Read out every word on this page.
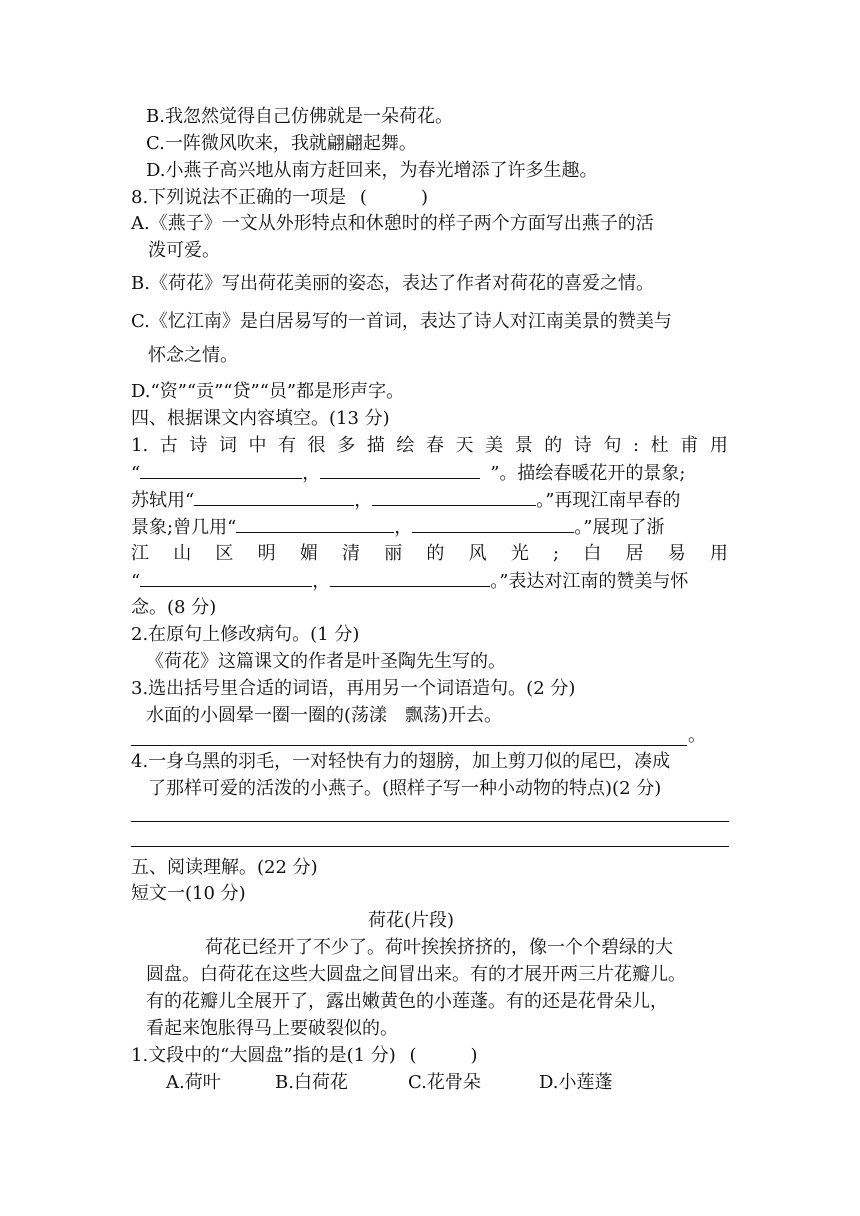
B.我忽然觉得自己仿佛就是一朵荷花。
C.一阵微风吹来，我就翩翩起舞。
D.小燕子高兴地从南方赶回来，为春光增添了许多生趣。
8.下列说法不正确的一项是 (　　　)
A.《燕子》一文从外形特点和休憩时的样子两个方面写出燕子的活
泼可爱。
B.《荷花》写出荷花美丽的姿态，表达了作者对荷花的喜爱之情。
C.《忆江南》是白居易写的一首词，表达了诗人对江南美景的赞美与
怀念之情。
D.“资”“贡”“贷”“员”都是形声字。
四、根据课文内容填空。(13 分)
1. 古 诗 词 中 有 很 多 描 绘 春 天 美 景 的 诗 句 : 杜 甫 用
“	，	”。描绘春暖花开的景象;
苏轼用“	，	。”再现江南早春的
景象;曾几用“	，	。”展现了浙
江 山 区 明 媚 清 丽 的 风 光 ; 白 居 易 用
“	，	。”表达对江南的赞美与怀
念。(8 分)
2.在原句上修改病句。(1 分)
《荷花》这篇课文的作者是叶圣陶先生写的。
3.选出括号里合适的词语，再用另一个词语造句。(2 分)
水面的小圆晕一圈一圈的(荡漾　飘荡)开去。
。
4.一身乌黑的羽毛，一对轻快有力的翅膀，加上剪刀似的尾巴，凑成
了那样可爱的活泼的小燕子。(照样子写一种小动物的特点)(2 分)
五、阅读理解。(22 分)
短文一(10 分)
荷花(片段)
荷花已经开了不少了。荷叶挨挨挤挤的，像一个个碧绿的大
圆盘。白荷花在这些大圆盘之间冒出来。有的才展开两三片花瓣儿。
有的花瓣儿全展开了，露出嫩黄色的小莲蓬。有的还是花骨朵儿，
看起来饱胀得马上要破裂似的。
1.文段中的“大圆盘”指的是(1 分) (　　　)
A.荷叶	B.白荷花	C.花骨朵	D.小莲蓬
